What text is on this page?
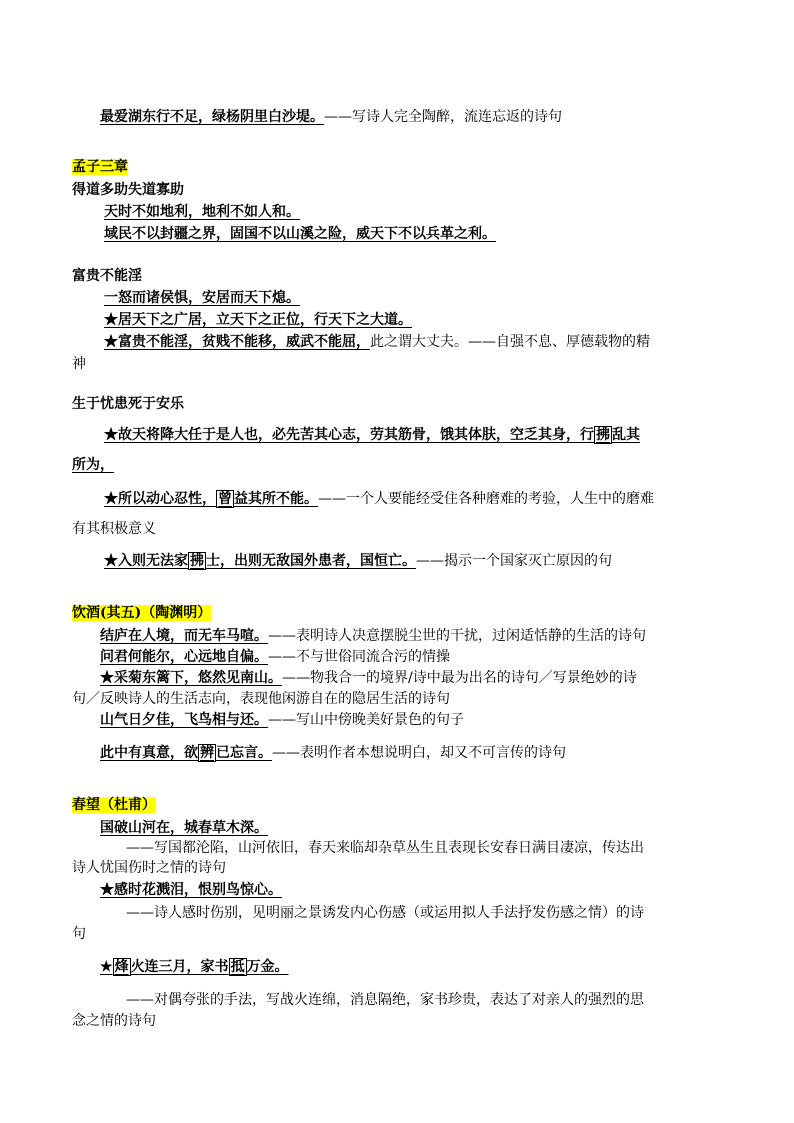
最爱湖东行不足，绿杨阴里白沙堤。——写诗人完全陶醉，流连忘返的诗句
孟子三章
得道多助失道寡助
天时不如地利，地利不如人和。
域民不以封疆之界，固国不以山溪之险，威天下不以兵革之利。
富贵不能淫
一怒而诸侯惧，安居而天下熄。
★居天下之广居，立天下之正位，行天下之大道。
★富贵不能淫，贫贱不能移，威武不能屈，此之谓大丈夫。——自强不息、厚德载物的精
神
生于忧患死于安乐
★故天将降大任于是人也，必先苦其心志，劳其筋骨，饿其体肤，空乏其身，行 拂 乱其
所为，
★所以动心忍性， 曾 益其所不能。——一个人要能经受住各种磨难的考验，人生中的磨难
有其积极意义
★入则无法家 拂 士，出则无敌国外患者，国恒亡。——揭示一个国家灭亡原因的句
饮酒(其五)（陶渊明）
结庐在人境，而无车马喧。——表明诗人决意摆脱尘世的干扰，过闲适恬静的生活的诗句
问君何能尔，心远地自偏。——不与世俗同流合污的情操
★采菊东篱下，悠然见南山。——物我合一的境界/诗中最为出名的诗句／写景绝妙的诗
句／反映诗人的生活志向，表现他闲游自在的隐居生活的诗句
山气日夕佳，飞鸟相与还。——写山中傍晚美好景色的句子
此中有真意，欲 辨 已忘言。——表明作者本想说明白，却又不可言传的诗句
春望（杜甫）
国破山河在，城春草木深。
——写国都沦陷，山河依旧，春天来临却杂草丛生且表现长安春日满目凄凉，传达出
诗人忧国伤时之情的诗句
★感时花溅泪，恨别鸟惊心。
——诗人感时伤别，见明丽之景诱发内心伤感（或运用拟人手法抒发伤感之情）的诗
句
★ 烽 火连三月，家书 抵 万金。
——对偶夸张的手法，写战火连绵，消息隔绝，家书珍贵，表达了对亲人的强烈的思
念之情的诗句
